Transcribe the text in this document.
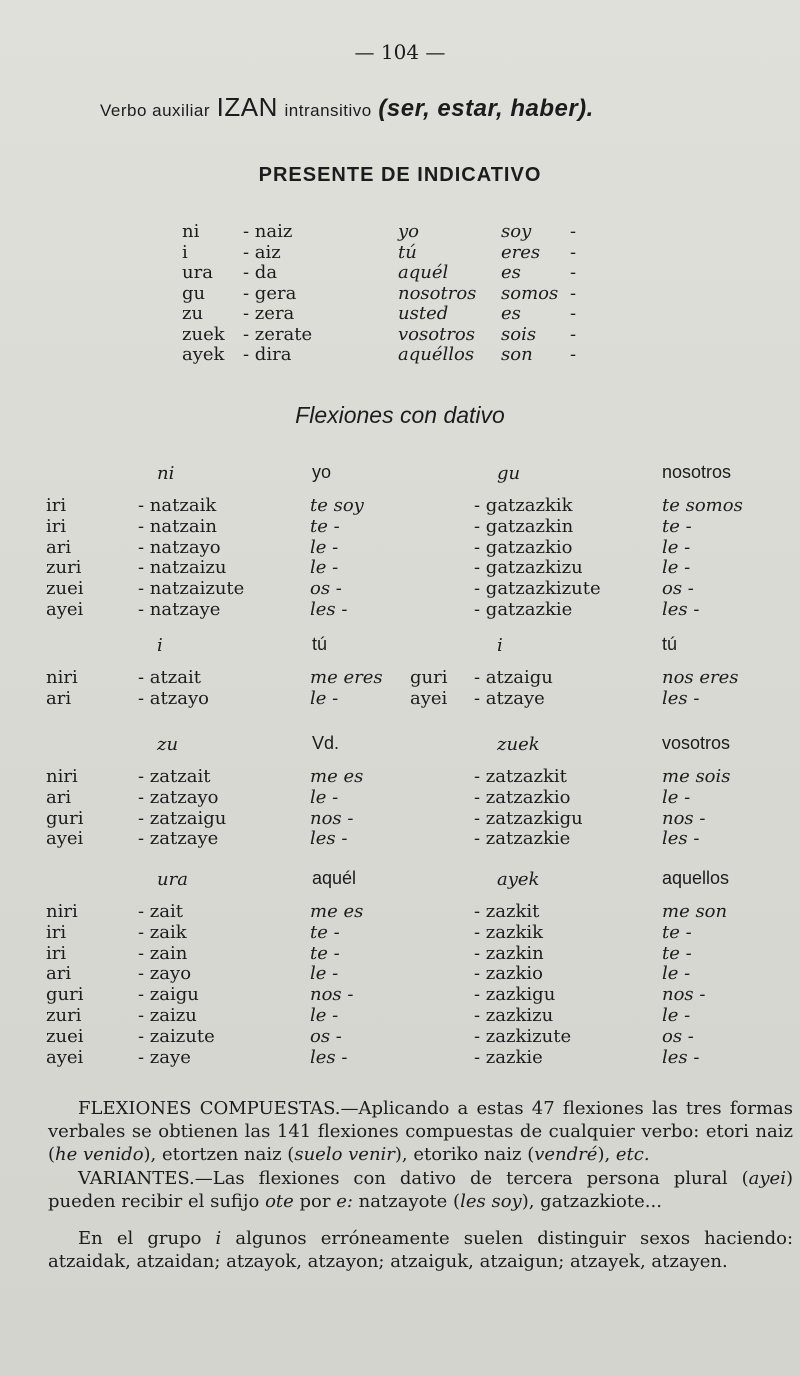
— 104 —
Verbo auxiliar IZAN intransitivo (ser, estar, haber).
PRESENTE DE INDICATIVO
ni - naiz	yo	soy -
i	- aiz	tú	eres -
ura - da	aquél	es	-
gu - gera	nosotros somos -
zu - zera	usted	es	-
zuek - zerate	vosotros sois -
ayek - dira	aquéllos son -
Flexiones con dativo
ni	yo	gu	nosotros
iri	- natzaik	te soy	- gatzazkik	te somos
iri	- natzain	te -	- gatzazkin	te -
ari	- natzayo	le -	- gatzazkio	le -
zuri	- natzaizu	le -	- gatzazkizu	le -
zuei	- natzaizute	os -	- gatzazkizute	os -
ayei	- natzaye	les -	- gatzazkie	les -
i	tú	i	tú
niri	- atzait	me eres guri - atzaigu	nos eres
ari	- atzayo	le -	ayei - atzaye	les -
zu	Vd.	zuek	vosotros
niri	- zatzait	me es	- zatzazkit	me sois
ari	- zatzayo	le -	- zatzazkio	le -
guri	- zatzaigu	nos -	- zatzazkigu	nos -
ayei	- zatzaye	les -	- zatzazkie	les -
ura	aquél	ayek	aquellos
niri	- zait	me es	- zazkit	me son
iri	- zaik	te -	- zazkik	te -
iri	- zain	te -	- zazkin	te -
ari	- zayo	le -	- zazkio	le -
guri	- zaigu	nos -	- zazkigu	nos -
zuri	- zaizu	le -	- zazkizu	le -
zuei	- zaizute	os -	- zazkizute	os -
ayei	- zaye	les -	- zazkie	les -
FLEXIONES COMPUESTAS.—Aplicando a estas 47 flexiones las tres formas verbales se obtienen las 141 flexiones compuestas de cualquier verbo: etori naiz (he venido), etortzen naiz (suelo venir), etoriko naiz (vendré), etc.
VARIANTES.—Las flexiones con dativo de tercera persona plural (ayei) pueden recibir el sufijo ote por e: natzayote (les soy), gatzazkiote...
En el grupo i algunos erróneamente suelen distinguir sexos haciendo: atzaidak, atzaidan; atzayok, atzayon; atzaiguk, atzaigun; atzayek, atzayen.
